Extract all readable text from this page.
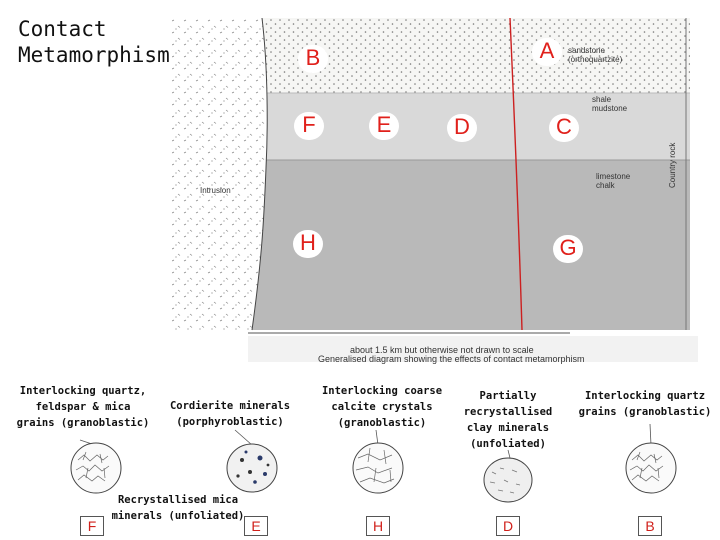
Contact
Metamorphism	sandstone
(orthoquartzite)
shale
mudstone
limestone
chalk
Intrusion
Country rock
about 1.5 km but otherwise not drawn to scale
Generalised diagram showing the effects of contact metamorphism
A
B
C
D
E
F
G
H
Interlocking quartz,
feldspar & mica
grains (granoblastic)
Cordierite minerals
(porphyroblastic)
Recrystallised mica
minerals (unfoliated)
Interlocking coarse
calcite crystals
(granoblastic)
Partially
recrystallised
clay minerals
(unfoliated)
Interlocking quartz
grains (granoblastic)
F	E	H	D	B
